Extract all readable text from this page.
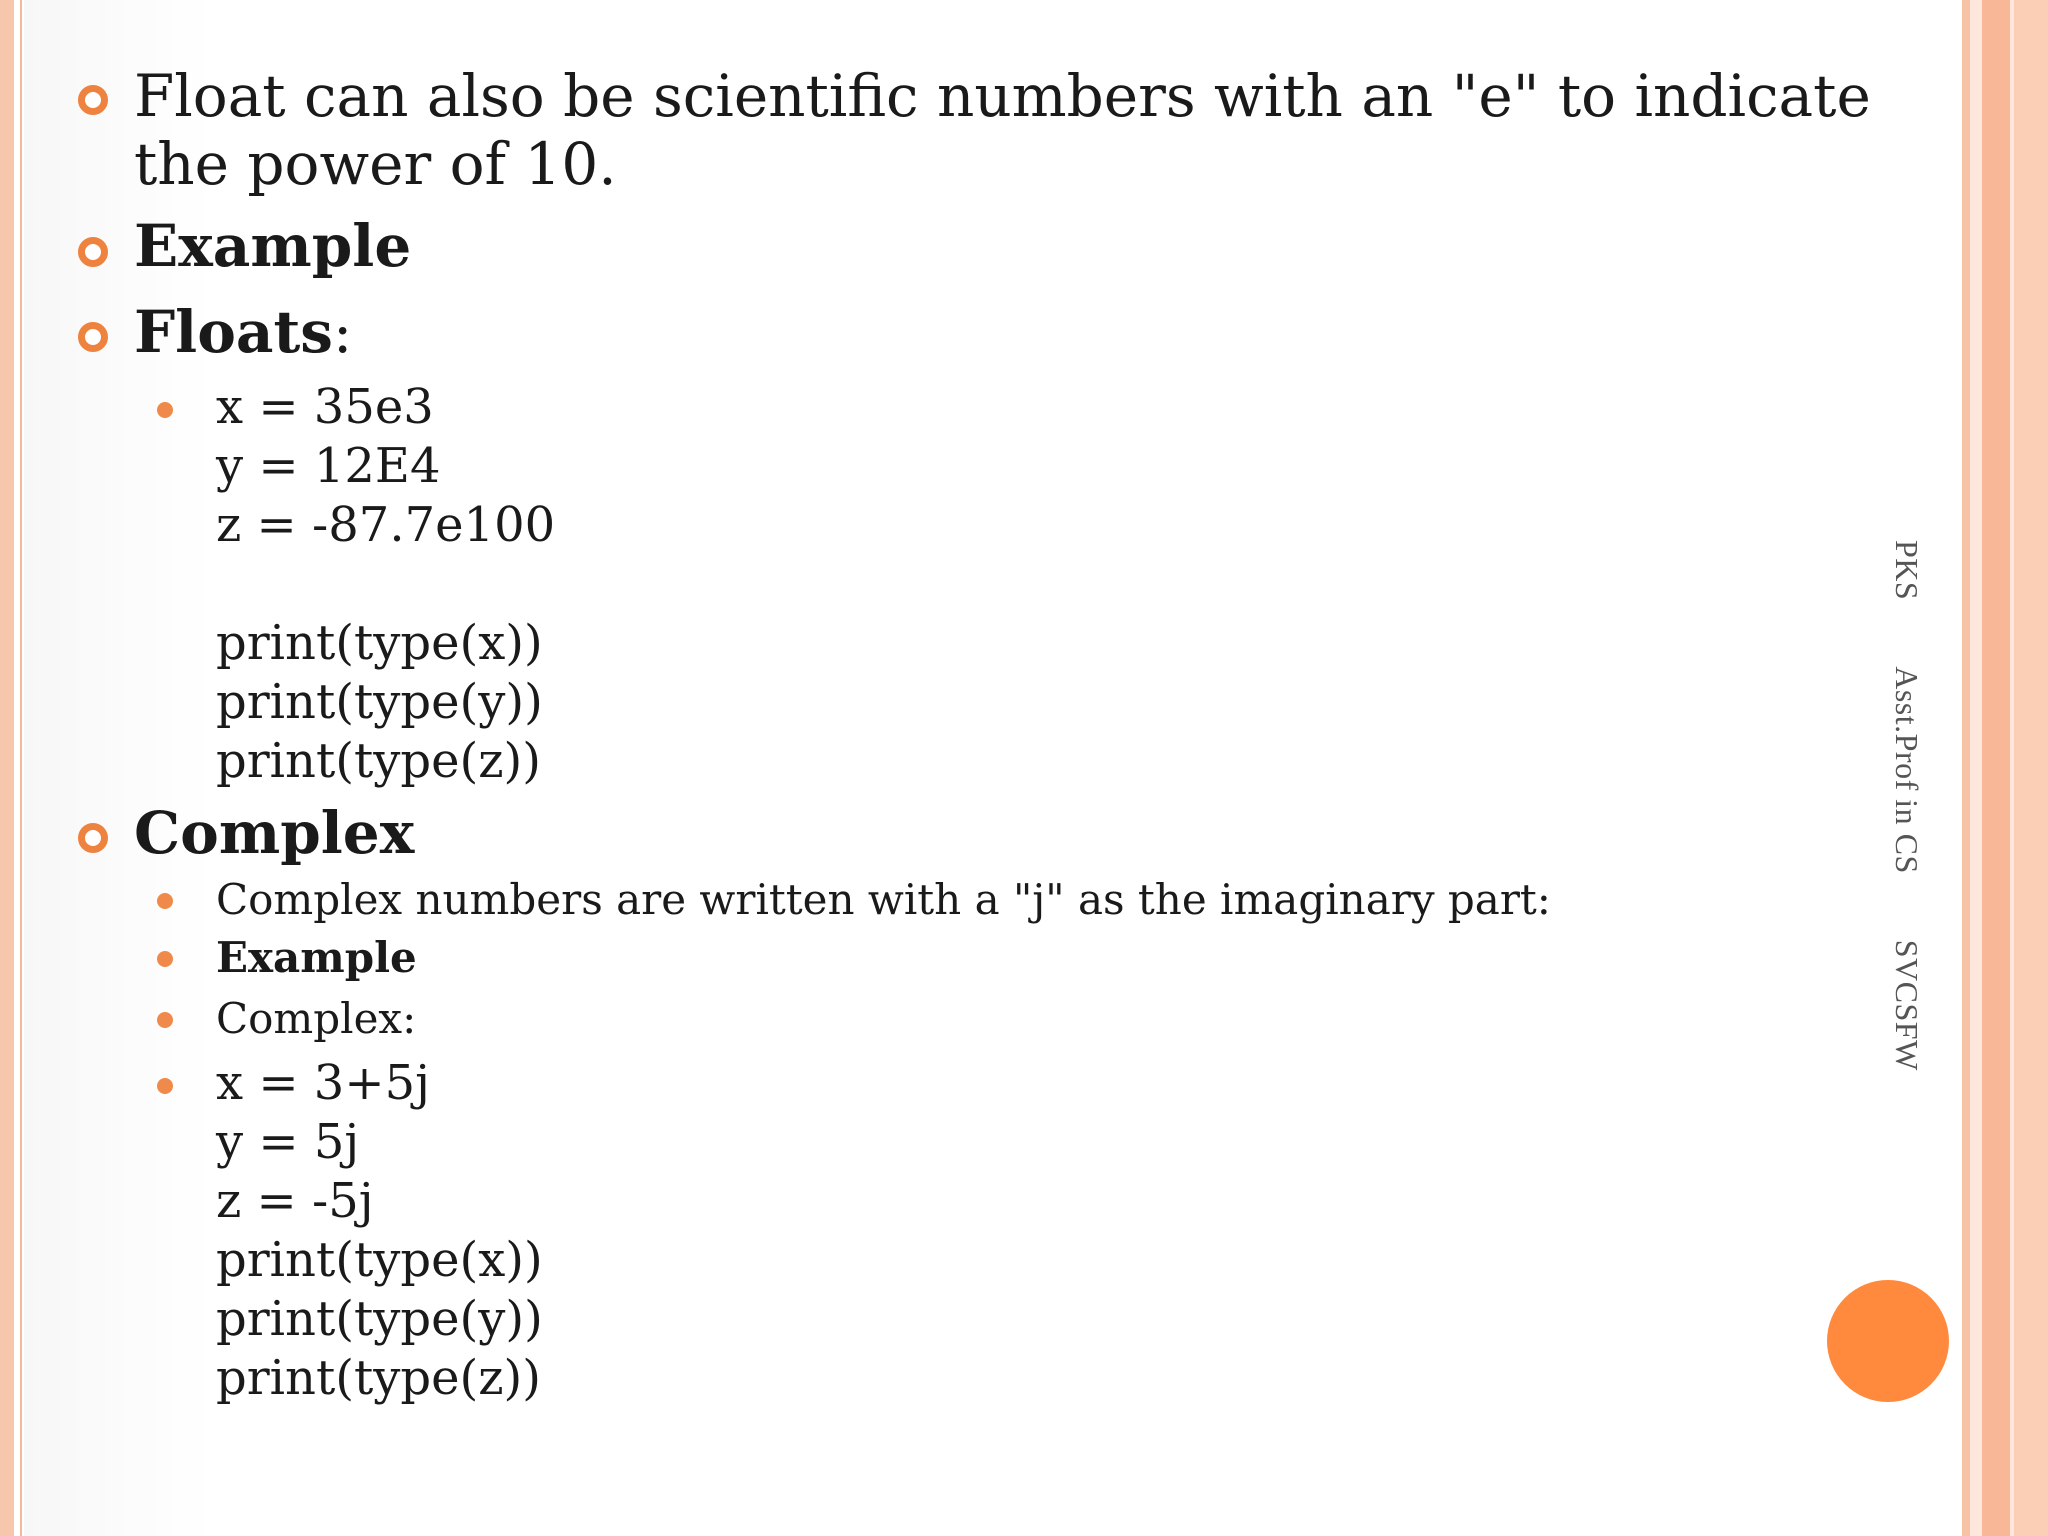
PKSAsst.Prof in CSSVCSFW
Float can also be scientific numbers with an "e" to indicate the power of 10.
Example
Floats:
x = 35e3
y = 12E4
z = -87.7e100
print(type(x))
print(type(y))
print(type(z))
Complex
Complex numbers are written with a "j" as the imaginary part:
Example
Complex:
x = 3+5j
y = 5j
z = -5j
print(type(x))
print(type(y))
print(type(z))
